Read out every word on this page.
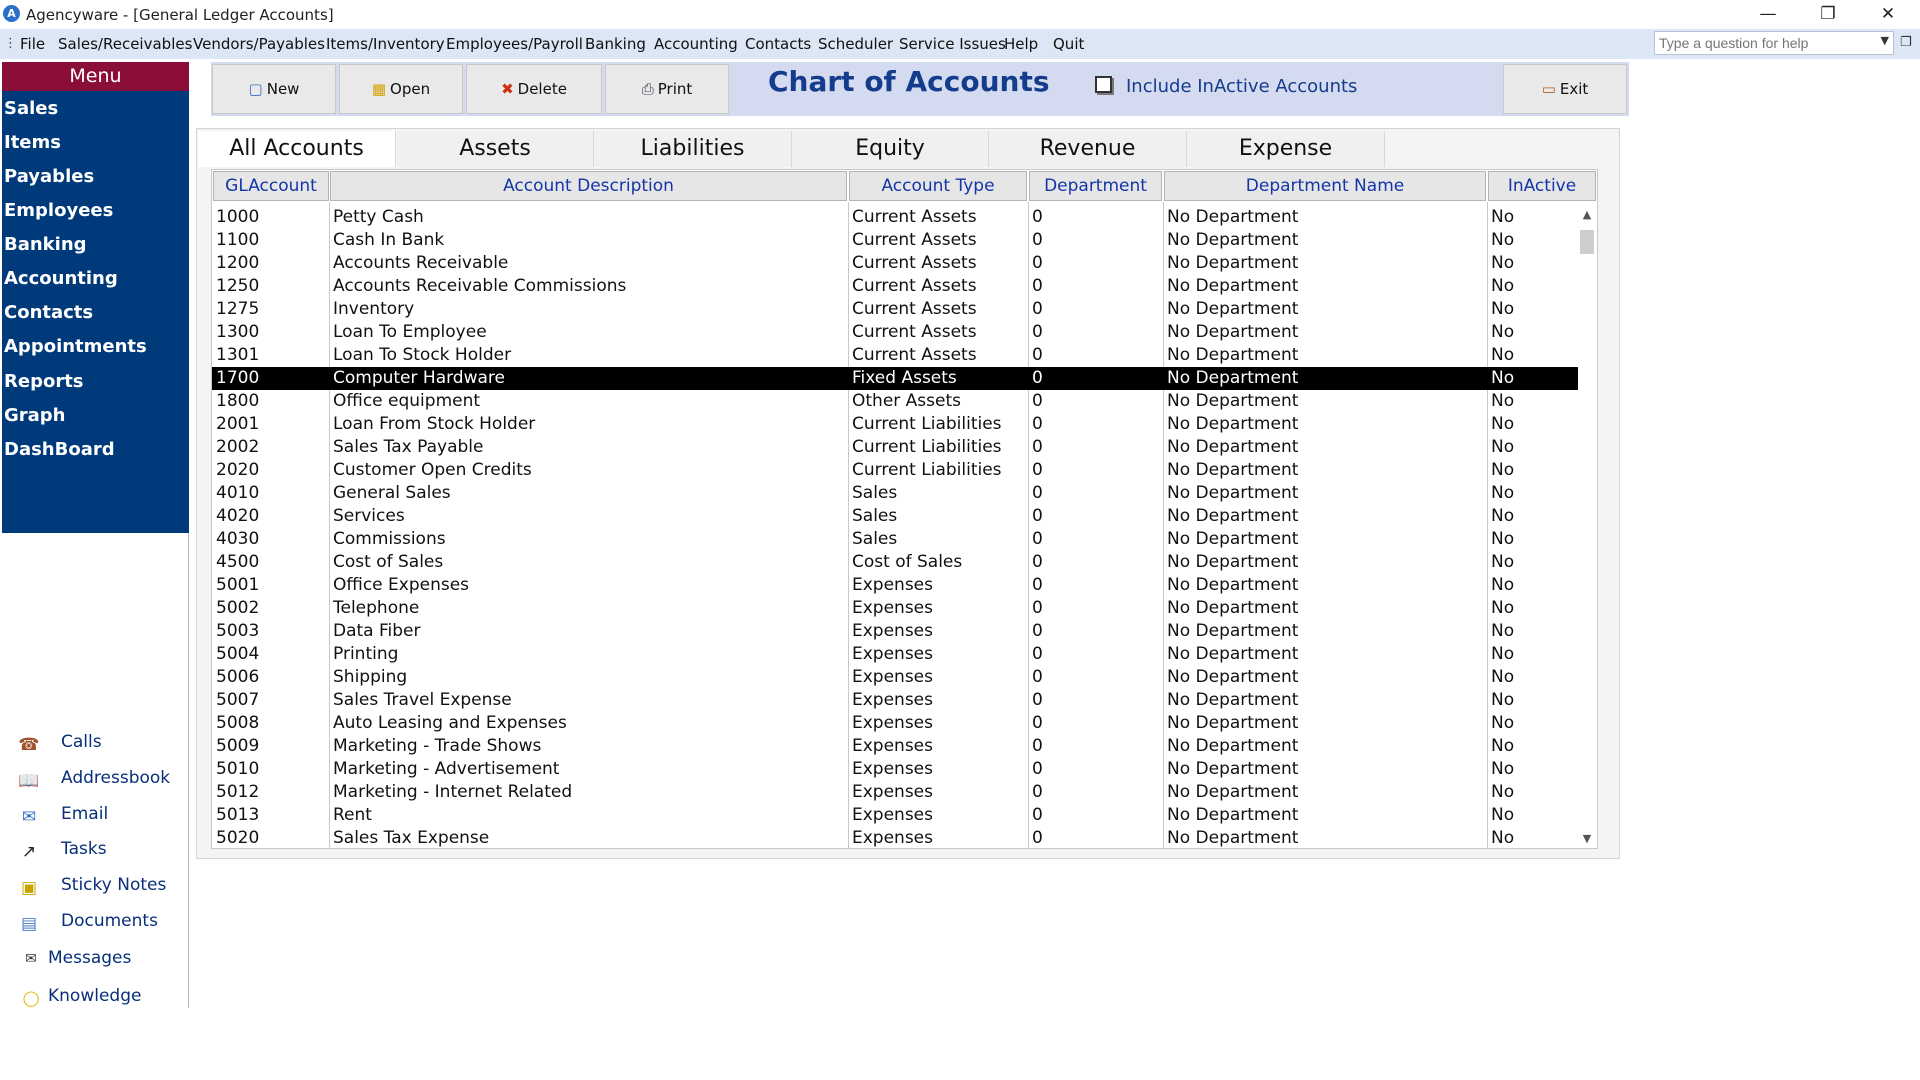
A Agencyware - [General Ledger Accounts]	—	❐	✕
⋮ File Sales/Receivables Vendors/Payables Items/Inventory Employees/Payroll Banking Accounting Contacts Scheduler Service Issues
Help Quit
Type a question for help	▼ ❐
Menu
Sales
Items
Payables
Employees
Banking
Accounting
Contacts
Appointments
Reports
Graph
DashBoard
☎ Calls
📖 Addressbook
✉ Email
↗ Tasks
▣ Sticky Notes
▤ Documents
✉ Messages
◯ Knowledge
▢ New	▦ Open	✖ Delete	⎙ Print	Chart of Accounts	Include InActive Accounts	▭ Exit
All Accounts	Assets	Liabilities	Equity	Revenue	Expense
GLAccount	Account Description	Account Type	Department	Department Name	InActive
1000	Petty Cash	Current Assets	0	No Department	No
1100	Cash In Bank	Current Assets	0	No Department	No
1200	Accounts Receivable	Current Assets	0	No Department	No
1250	Accounts Receivable Commissions	Current Assets	0	No Department	No
1275	Inventory	Current Assets	0	No Department	No
1300	Loan To Employee	Current Assets	0	No Department	No
1301	Loan To Stock Holder	Current Assets	0	No Department	No
1700	Computer Hardware	Fixed Assets	0	No Department	No
1800	Office equipment	Other Assets	0	No Department	No
2001	Loan From Stock Holder	Current Liabilities 0	No Department	No
2002	Sales Tax Payable	Current Liabilities 0	No Department	No
2020	Customer Open Credits	Current Liabilities 0	No Department	No
4010	General Sales	Sales	0	No Department	No
4020	Services	Sales	0	No Department	No
4030	Commissions	Sales	0	No Department	No
4500	Cost of Sales	Cost of Sales	0	No Department	No
5001	Office Expenses	Expenses	0	No Department	No
5002	Telephone	Expenses	0	No Department	No
5003	Data Fiber	Expenses	0	No Department	No
5004	Printing	Expenses	0	No Department	No
5006	Shipping	Expenses	0	No Department	No
5007	Sales Travel Expense	Expenses	0	No Department	No
5008	Auto Leasing and Expenses	Expenses	0	No Department	No
5009	Marketing - Trade Shows	Expenses	0	No Department	No
5010	Marketing - Advertisement	Expenses	0	No Department	No
5012	Marketing - Internet Related	Expenses	0	No Department	No
5013	Rent	Expenses	0	No Department	No
5020	Sales Tax Expense	Expenses	0	No Department	No
▲
▼
